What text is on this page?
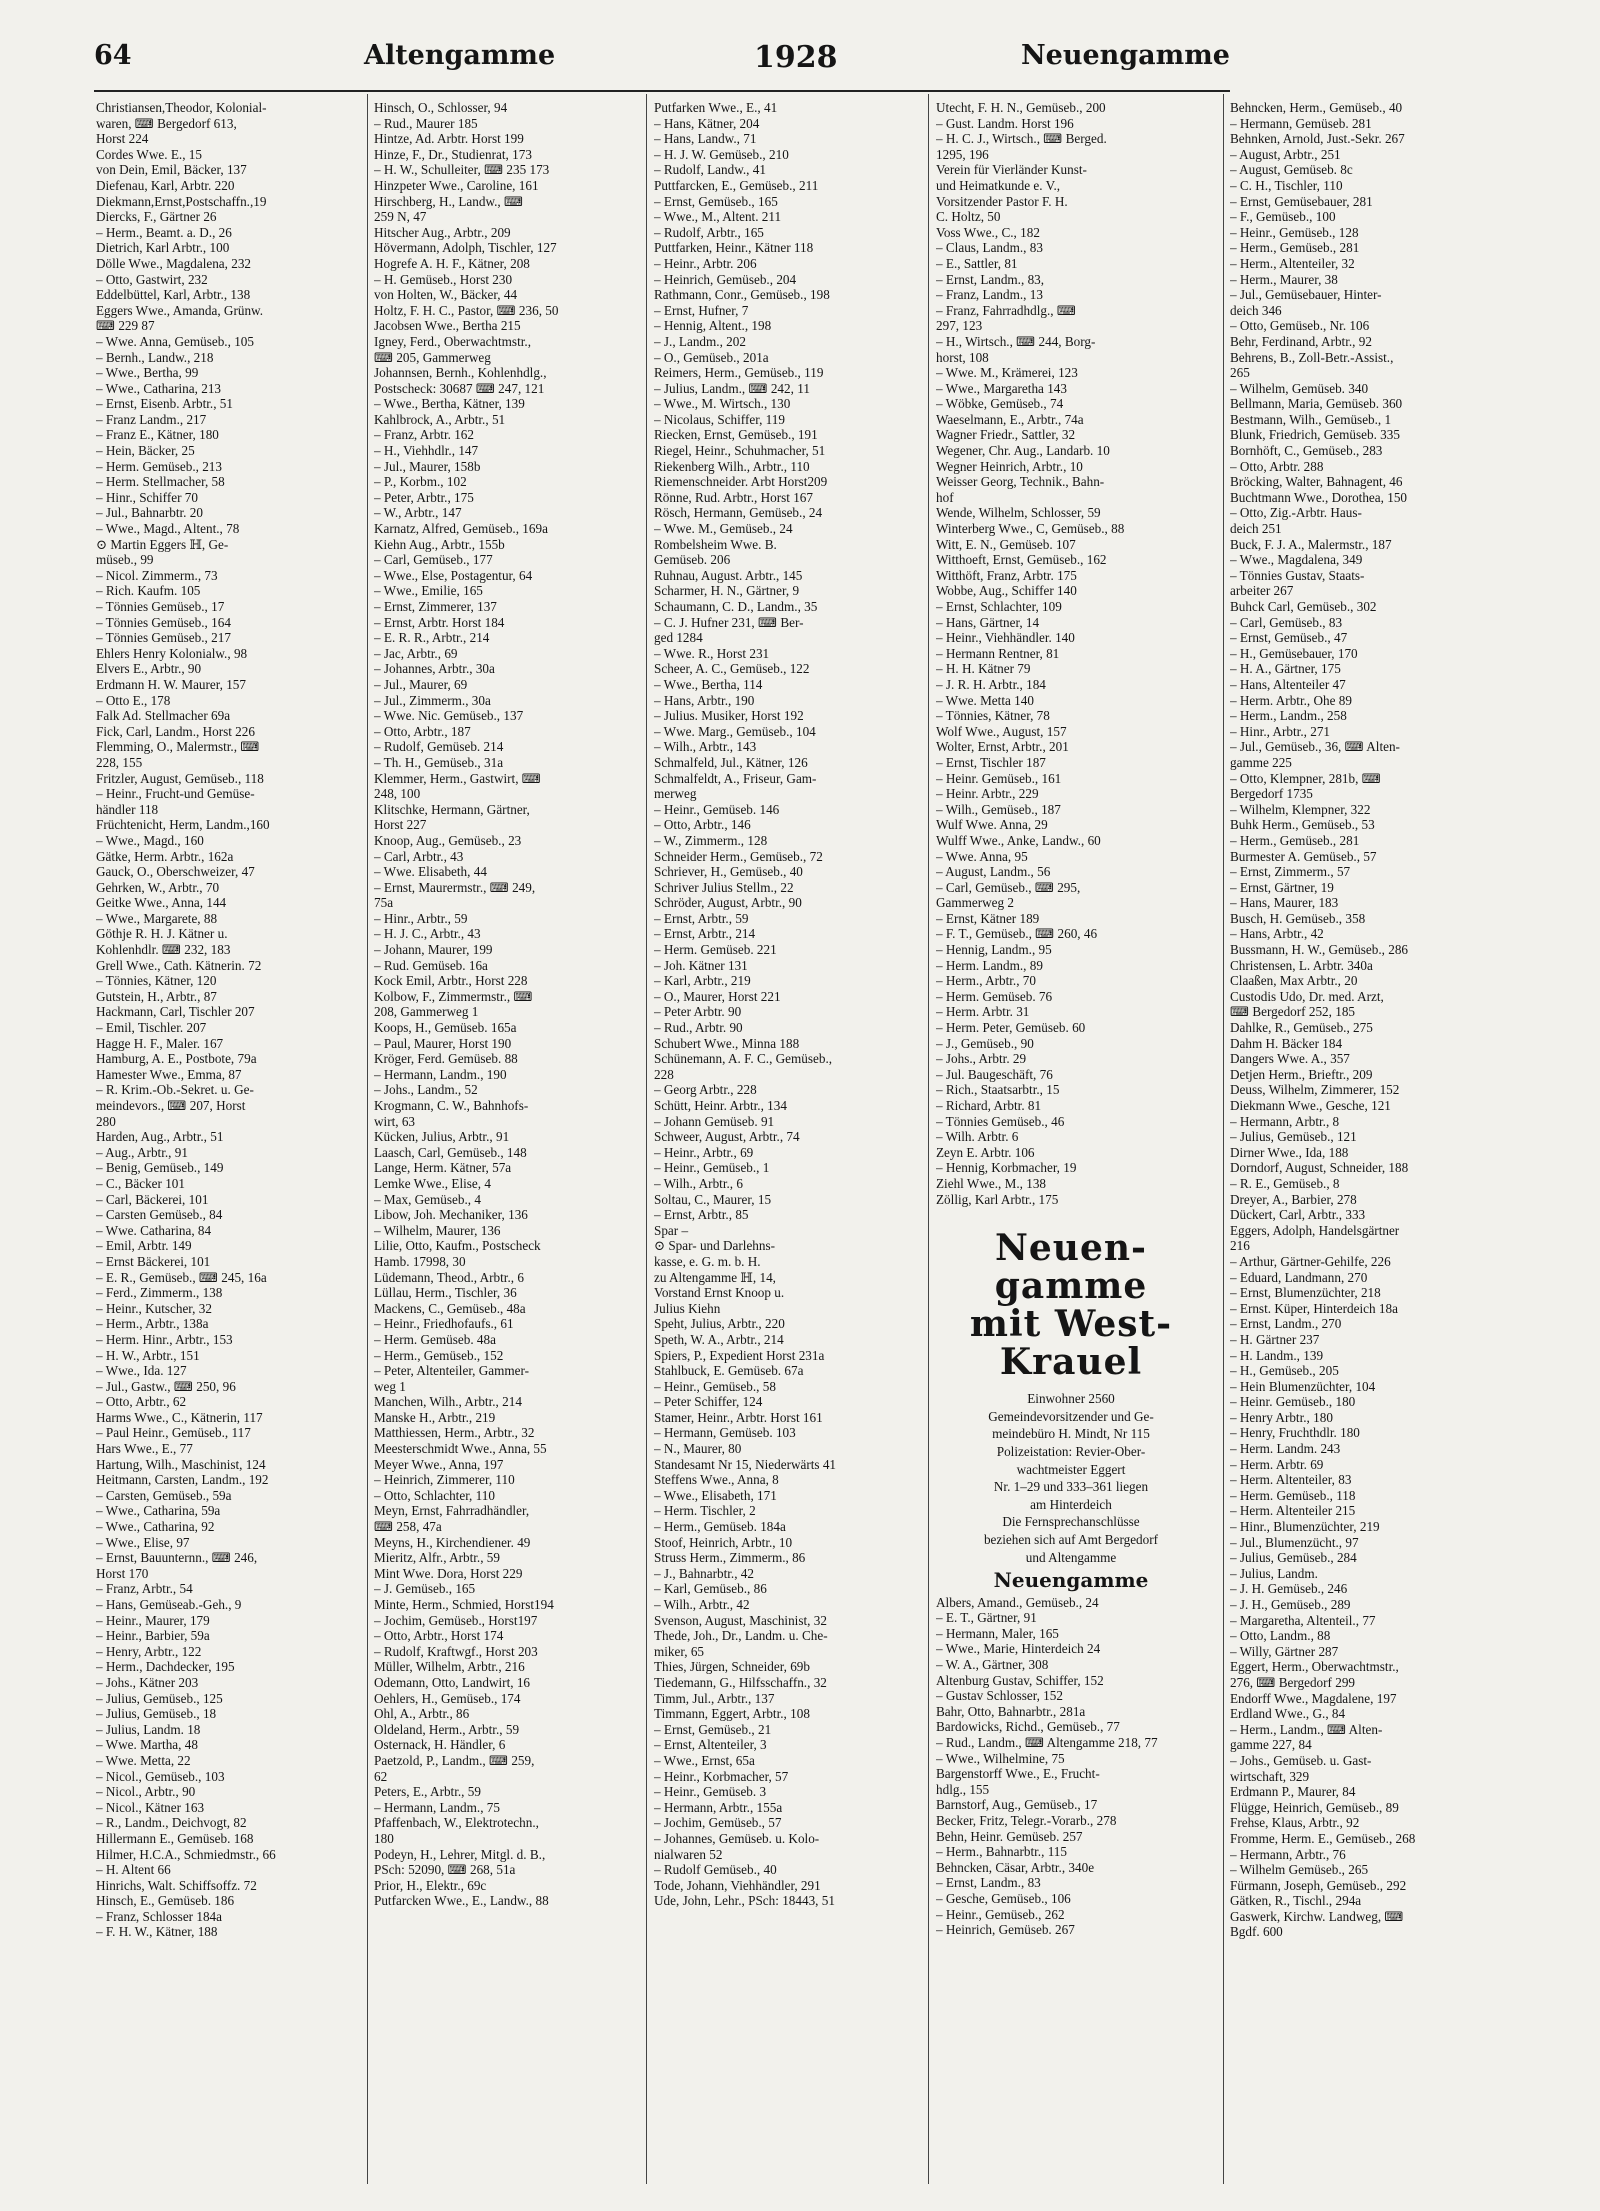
64	Altengamme	1928	Neuengamme
Christiansen,Theodor, Kolonial-
waren, ⌨ Bergedorf 613,
Horst 224
Cordes Wwe. E., 15
von Dein, Emil, Bäcker, 137
Diefenau, Karl, Arbtr. 220
Diekmann,Ernst,Postschaffn.,19
Diercks, F., Gärtner 26
– Herm., Beamt. a. D., 26
Dietrich, Karl Arbtr., 100
Dölle Wwe., Magdalena, 232
– Otto, Gastwirt, 232
Eddelbüttel, Karl, Arbtr., 138
Eggers Wwe., Amanda, Grünw.
⌨ 229 87
– Wwe. Anna, Gemüseb., 105
– Bernh., Landw., 218
– Wwe., Bertha, 99
– Wwe., Catharina, 213
– Ernst, Eisenb. Arbtr., 51
– Franz Landm., 217
– Franz E., Kätner, 180
– Hein, Bäcker, 25
– Herm. Gemüseb., 213
– Herm. Stellmacher, 58
– Hinr., Schiffer 70
– Jul., Bahnarbtr. 20
– Wwe., Magd., Altent., 78
⊙ Martin Eggers ℍ, Ge-
müseb., 99
– Nicol. Zimmerm., 73
– Rich. Kaufm. 105
– Tönnies Gemüseb., 17
– Tönnies Gemüseb., 164
– Tönnies Gemüseb., 217
Ehlers Henry Kolonialw., 98
Elvers E., Arbtr., 90
Erdmann H. W. Maurer, 157
– Otto E., 178
Falk Ad. Stellmacher 69a
Fick, Carl, Landm., Horst 226
Flemming, O., Malermstr., ⌨
228, 155
Fritzler, August, Gemüseb., 118
– Heinr., Frucht-und Gemüse-
händler 118
Früchtenicht, Herm, Landm.,160
– Wwe., Magd., 160
Gätke, Herm. Arbtr., 162a
Gauck, O., Oberschweizer, 47
Gehrken, W., Arbtr., 70
Geitke Wwe., Anna, 144
– Wwe., Margarete, 88
Göthje R. H. J. Kätner u.
Kohlenhdlr. ⌨ 232, 183
Grell Wwe., Cath. Kätnerin. 72
– Tönnies, Kätner, 120
Gutstein, H., Arbtr., 87
Hackmann, Carl, Tischler 207
– Emil, Tischler. 207
Hagge H. F., Maler. 167
Hamburg, A. E., Postbote, 79a
Hamester Wwe., Emma, 87
– R. Krim.-Ob.-Sekret. u. Ge-
meindevors., ⌨ 207, Horst
280
Harden, Aug., Arbtr., 51
– Aug., Arbtr., 91
– Benig, Gemüseb., 149
– C., Bäcker 101
– Carl, Bäckerei, 101
– Carsten Gemüseb., 84
– Wwe. Catharina, 84
– Emil, Arbtr. 149
– Ernst Bäckerei, 101
– E. R., Gemüseb., ⌨ 245, 16a
– Ferd., Zimmerm., 138
– Heinr., Kutscher, 32
– Herm., Arbtr., 138a
– Herm. Hinr., Arbtr., 153
– H. W., Arbtr., 151
– Wwe., Ida. 127
– Jul., Gastw., ⌨ 250, 96
– Otto, Arbtr., 62
Harms Wwe., C., Kätnerin, 117
– Paul Heinr., Gemüseb., 117
Hars Wwe., E., 77
Hartung, Wilh., Maschinist, 124
Heitmann, Carsten, Landm., 192
– Carsten, Gemüseb., 59a
– Wwe., Catharina, 59a
– Wwe., Catharina, 92
– Wwe., Elise, 97
– Ernst, Bauunternn., ⌨ 246,
Horst 170
– Franz, Arbtr., 54
– Hans, Gemüseab.-Geh., 9
– Heinr., Maurer, 179
– Heinr., Barbier, 59a
– Henry, Arbtr., 122
– Herm., Dachdecker, 195
– Johs., Kätner 203
– Julius, Gemüseb., 125
– Julius, Gemüseb., 18
– Julius, Landm. 18
– Wwe. Martha, 48
– Wwe. Metta, 22
– Nicol., Gemüseb., 103
– Nicol., Arbtr., 90
– Nicol., Kätner 163
– R., Landm., Deichvogt, 82
Hillermann E., Gemüseb. 168
Hilmer, H.C.A., Schmiedmstr., 66
– H. Altent 66
Hinrichs, Walt. Schiffsoffz. 72
Hinsch, E., Gemüseb. 186
– Franz, Schlosser 184a
– F. H. W., Kätner, 188
Hinsch, O., Schlosser, 94
– Rud., Maurer 185
Hintze, Ad. Arbtr. Horst 199
Hinze, F., Dr., Studienrat, 173
– H. W., Schulleiter, ⌨ 235 173
Hinzpeter Wwe., Caroline, 161
Hirschberg, H., Landw., ⌨
259 N, 47
Hitscher Aug., Arbtr., 209
Hövermann, Adolph, Tischler, 127
Hogrefe A. H. F., Kätner, 208
– H. Gemüseb., Horst 230
von Holten, W., Bäcker, 44
Holtz, F. H. C., Pastor, ⌨ 236, 50
Jacobsen Wwe., Bertha 215
Igney, Ferd., Oberwachtmstr.,
⌨ 205, Gammerweg
Johannsen, Bernh., Kohlenhdlg.,
Postscheck: 30687 ⌨ 247, 121
– Wwe., Bertha, Kätner, 139
Kahlbrock, A., Arbtr., 51
– Franz, Arbtr. 162
– H., Viehhdlr., 147
– Jul., Maurer, 158b
– P., Korbm., 102
– Peter, Arbtr., 175
– W., Arbtr., 147
Karnatz, Alfred, Gemüseb., 169a
Kiehn Aug., Arbtr., 155b
– Carl, Gemüseb., 177
– Wwe., Else, Postagentur, 64
– Wwe., Emilie, 165
– Ernst, Zimmerer, 137
– Ernst, Arbtr. Horst 184
– E. R. R., Arbtr., 214
– Jac, Arbtr., 69
– Johannes, Arbtr., 30a
– Jul., Maurer, 69
– Jul., Zimmerm., 30a
– Wwe. Nic. Gemüseb., 137
– Otto, Arbtr., 187
– Rudolf, Gemüseb. 214
– Th. H., Gemüseb., 31a
Klemmer, Herm., Gastwirt, ⌨
248, 100
Klitschke, Hermann, Gärtner,
Horst 227
Knoop, Aug., Gemüseb., 23
– Carl, Arbtr., 43
– Wwe. Elisabeth, 44
– Ernst, Maurermstr., ⌨ 249,
75a
– Hinr., Arbtr., 59
– H. J. C., Arbtr., 43
– Johann, Maurer, 199
– Rud. Gemüseb. 16a
Kock Emil, Arbtr., Horst 228
Kolbow, F., Zimmermstr., ⌨
208, Gammerweg 1
Koops, H., Gemüseb. 165a
– Paul, Maurer, Horst 190
Kröger, Ferd. Gemüseb. 88
– Hermann, Landm., 190
– Johs., Landm., 52
Krogmann, C. W., Bahnhofs-
wirt, 63
Kücken, Julius, Arbtr., 91
Laasch, Carl, Gemüseb., 148
Lange, Herm. Kätner, 57a
Lemke Wwe., Elise, 4
– Max, Gemüseb., 4
Libow, Joh. Mechaniker, 136
– Wilhelm, Maurer, 136
Lilie, Otto, Kaufm., Postscheck
Hamb. 17998, 30
Lüdemann, Theod., Arbtr., 6
Lüllau, Herm., Tischler, 36
Mackens, C., Gemüseb., 48a
– Heinr., Friedhofaufs., 61
– Herm. Gemüseb. 48a
– Herm., Gemüseb., 152
– Peter, Altenteiler, Gammer-
weg 1
Manchen, Wilh., Arbtr., 214
Manske H., Arbtr., 219
Matthiessen, Herm., Arbtr., 32
Meesterschmidt Wwe., Anna, 55
Meyer Wwe., Anna, 197
– Heinrich, Zimmerer, 110
– Otto, Schlachter, 110
Meyn, Ernst, Fahrradhändler,
⌨ 258, 47a
Meyns, H., Kirchendiener. 49
Mieritz, Alfr., Arbtr., 59
Mint Wwe. Dora, Horst 229
– J. Gemüseb., 165
Minte, Herm., Schmied, Horst194
– Jochim, Gemüseb., Horst197
– Otto, Arbtr., Horst 174
– Rudolf, Kraftwgf., Horst 203
Müller, Wilhelm, Arbtr., 216
Odemann, Otto, Landwirt, 16
Oehlers, H., Gemüseb., 174
Ohl, A., Arbtr., 86
Oldeland, Herm., Arbtr., 59
Osternack, H. Händler, 6
Paetzold, P., Landm., ⌨ 259,
62
Peters, E., Arbtr., 59
– Hermann, Landm., 75
Pfaffenbach, W., Elektrotechn.,
180
Podeyn, H., Lehrer, Mitgl. d. B.,
PSch: 52090, ⌨ 268, 51a
Prior, H., Elektr., 69c
Putfarcken Wwe., E., Landw., 88
Putfarken Wwe., E., 41
– Hans, Kätner, 204
– Hans, Landw., 71
– H. J. W. Gemüseb., 210
– Rudolf, Landw., 41
Puttfarcken, E., Gemüseb., 211
– Ernst, Gemüseb., 165
– Wwe., M., Altent. 211
– Rudolf, Arbtr., 165
Puttfarken, Heinr., Kätner 118
– Heinr., Arbtr. 206
– Heinrich, Gemüseb., 204
Rathmann, Conr., Gemüseb., 198
– Ernst, Hufner, 7
– Hennig, Altent., 198
– J., Landm., 202
– O., Gemüseb., 201a
Reimers, Herm., Gemüseb., 119
– Julius, Landm., ⌨ 242, 11
– Wwe., M. Wirtsch., 130
– Nicolaus, Schiffer, 119
Riecken, Ernst, Gemüseb., 191
Riegel, Heinr., Schuhmacher, 51
Riekenberg Wilh., Arbtr., 110
Riemenschneider. Arbt Horst209
Rönne, Rud. Arbtr., Horst 167
Rösch, Hermann, Gemüseb., 24
– Wwe. M., Gemüseb., 24
Rombelsheim Wwe. B.
Gemüseb. 206
Ruhnau, August. Arbtr., 145
Scharmer, H. N., Gärtner, 9
Schaumann, C. D., Landm., 35
– C. J. Hufner 231, ⌨ Ber-
ged 1284
– Wwe. R., Horst 231
Scheer, A. C., Gemüseb., 122
– Wwe., Bertha, 114
– Hans, Arbtr., 190
– Julius. Musiker, Horst 192
– Wwe. Marg., Gemüseb., 104
– Wilh., Arbtr., 143
Schmalfeld, Jul., Kätner, 126
Schmalfeldt, A., Friseur, Gam-
merweg
– Heinr., Gemüseb. 146
– Otto, Arbtr., 146
– W., Zimmerm., 128
Schneider Herm., Gemüseb., 72
Schriever, H., Gemüseb., 40
Schriver Julius Stellm., 22
Schröder, August, Arbtr., 90
– Ernst, Arbtr., 59
– Ernst, Arbtr., 214
– Herm. Gemüseb. 221
– Joh. Kätner 131
– Karl, Arbtr., 219
– O., Maurer, Horst 221
– Peter Arbtr. 90
– Rud., Arbtr. 90
Schubert Wwe., Minna 188
Schünemann, A. F. C., Gemüseb.,
228
– Georg Arbtr., 228
Schütt, Heinr. Arbtr., 134
– Johann Gemüseb. 91
Schweer, August, Arbtr., 74
– Heinr., Arbtr., 69
– Heinr., Gemüseb., 1
– Wilh., Arbtr., 6
Soltau, C., Maurer, 15
– Ernst, Arbtr., 85
Spar –
⊙ Spar- und Darlehns-
kasse, e. G. m. b. H.
zu Altengamme ℍ, 14,
Vorstand Ernst Knoop u.
Julius Kiehn
Speht, Julius, Arbtr., 220
Speth, W. A., Arbtr., 214
Spiers, P., Expedient Horst 231a
Stahlbuck, E. Gemüseb. 67a
– Heinr., Gemüseb., 58
– Peter Schiffer, 124
Stamer, Heinr., Arbtr. Horst 161
– Hermann, Gemüseb. 103
– N., Maurer, 80
Standesamt Nr 15, Niederwärts 41
Steffens Wwe., Anna, 8
– Wwe., Elisabeth, 171
– Herm. Tischler, 2
– Herm., Gemüseb. 184a
Stoof, Heinrich, Arbtr., 10
Struss Herm., Zimmerm., 86
– J., Bahnarbtr., 42
– Karl, Gemüseb., 86
– Wilh., Arbtr., 42
Svenson, August, Maschinist, 32
Thede, Joh., Dr., Landm. u. Che-
miker, 65
Thies, Jürgen, Schneider, 69b
Tiedemann, G., Hilfsschaffn., 32
Timm, Jul., Arbtr., 137
Timmann, Eggert, Arbtr., 108
– Ernst, Gemüseb., 21
– Ernst, Altenteiler, 3
– Wwe., Ernst, 65a
– Heinr., Korbmacher, 57
– Heinr., Gemüseb. 3
– Hermann, Arbtr., 155a
– Jochim, Gemüseb., 57
– Johannes, Gemüseb. u. Kolo-
nialwaren 52
– Rudolf Gemüseb., 40
Tode, Johann, Viehhändler, 291
Ude, John, Lehr., PSch: 18443, 51
Utecht, F. H. N., Gemüseb., 200
– Gust. Landm. Horst 196
– H. C. J., Wirtsch., ⌨ Berged.
1295, 196
Verein für Vierländer Kunst-
und Heimatkunde e. V.,
Vorsitzender Pastor F. H.
C. Holtz, 50
Voss Wwe., C., 182
– Claus, Landm., 83
– E., Sattler, 81
– Ernst, Landm., 83,
– Franz, Landm., 13
– Franz, Fahrradhdlg., ⌨
297, 123
– H., Wirtsch., ⌨ 244, Borg-
horst, 108
– Wwe. M., Krämerei, 123
– Wwe., Margaretha 143
– Wöbke, Gemüseb., 74
Waeselmann, E., Arbtr., 74a
Wagner Friedr., Sattler, 32
Wegener, Chr. Aug., Landarb. 10
Wegner Heinrich, Arbtr., 10
Weisser Georg, Technik., Bahn-
hof
Wende, Wilhelm, Schlosser, 59
Winterberg Wwe., C, Gemüseb., 88
Witt, E. N., Gemüseb. 107
Witthoeft, Ernst, Gemüseb., 162
Witthöft, Franz, Arbtr. 175
Wobbe, Aug., Schiffer 140
– Ernst, Schlachter, 109
– Hans, Gärtner, 14
– Heinr., Viehhändler. 140
– Hermann Rentner, 81
– H. H. Kätner 79
– J. R. H. Arbtr., 184
– Wwe. Metta 140
– Tönnies, Kätner, 78
Wolf Wwe., August, 157
Wolter, Ernst, Arbtr., 201
– Ernst, Tischler 187
– Heinr. Gemüseb., 161
– Heinr. Arbtr., 229
– Wilh., Gemüseb., 187
Wulf Wwe. Anna, 29
Wulff Wwe., Anke, Landw., 60
– Wwe. Anna, 95
– August, Landm., 56
– Carl, Gemüseb., ⌨ 295,
Gammerweg 2
– Ernst, Kätner 189
– F. T., Gemüseb., ⌨ 260, 46
– Hennig, Landm., 95
– Herm. Landm., 89
– Herm., Arbtr., 70
– Herm. Gemüseb. 76
– Herm. Arbtr. 31
– Herm. Peter, Gemüseb. 60
– J., Gemüseb., 90
– Johs., Arbtr. 29
– Jul. Baugeschäft, 76
– Rich., Staatsarbtr., 15
– Richard, Arbtr. 81
– Tönnies Gemüseb., 46
– Wilh. Arbtr. 6
Zeyn E. Arbtr. 106
– Hennig, Korbmacher, 19
Ziehl Wwe., M., 138
Zöllig, Karl Arbtr., 175
Neuen-
gamme
mit West-
Krauel
Einwohner 2560
Gemeindevorsitzender und Ge-
meindebüro H. Mindt, Nr 115
Polizeistation: Revier-Ober-
wachtmeister Eggert
Nr. 1–29 und 333–361 liegen
am Hinterdeich
Die Fernsprechanschlüsse
beziehen sich auf Amt Bergedorf
und Altengamme
Neuengamme
Albers, Amand., Gemüseb., 24
– E. T., Gärtner, 91
– Hermann, Maler, 165
– Wwe., Marie, Hinterdeich 24
– W. A., Gärtner, 308
Altenburg Gustav, Schiffer, 152
– Gustav Schlosser, 152
Bahr, Otto, Bahnarbtr., 281a
Bardowicks, Richd., Gemüseb., 77
– Rud., Landm., ⌨ Altengamme 218, 77
– Wwe., Wilhelmine, 75
Bargenstorff Wwe., E., Frucht-
hdlg., 155
Barnstorf, Aug., Gemüseb., 17
Becker, Fritz, Telegr.-Vorarb., 278
Behn, Heinr. Gemüseb. 257
– Herm., Bahnarbtr., 115
Behncken, Cäsar, Arbtr., 340e
– Ernst, Landm., 83
– Gesche, Gemüseb., 106
– Heinr., Gemüseb., 262
– Heinrich, Gemüseb. 267
Behncken, Herm., Gemüseb., 40
– Hermann, Gemüseb. 281
Behnken, Arnold, Just.-Sekr. 267
– August, Arbtr., 251
– August, Gemüseb. 8c
– C. H., Tischler, 110
– Ernst, Gemüsebauer, 281
– F., Gemüseb., 100
– Heinr., Gemüseb., 128
– Herm., Gemüseb., 281
– Herm., Altenteiler, 32
– Herm., Maurer, 38
– Jul., Gemüsebauer, Hinter-
deich 346
– Otto, Gemüseb., Nr. 106
Behr, Ferdinand, Arbtr., 92
Behrens, B., Zoll-Betr.-Assist.,
265
– Wilhelm, Gemüseb. 340
Bellmann, Maria, Gemüseb. 360
Bestmann, Wilh., Gemüseb., 1
Blunk, Friedrich, Gemüseb. 335
Bornhöft, C., Gemüseb., 283
– Otto, Arbtr. 288
Bröcking, Walter, Bahnagent, 46
Buchtmann Wwe., Dorothea, 150
– Otto, Zig.-Arbtr. Haus-
deich 251
Buck, F. J. A., Malermstr., 187
– Wwe., Magdalena, 349
– Tönnies Gustav, Staats-
arbeiter 267
Buhck Carl, Gemüseb., 302
– Carl, Gemüseb., 83
– Ernst, Gemüseb., 47
– H., Gemüsebauer, 170
– H. A., Gärtner, 175
– Hans, Altenteiler 47
– Herm. Arbtr., Ohe 89
– Herm., Landm., 258
– Hinr., Arbtr., 271
– Jul., Gemüseb., 36, ⌨ Alten-
gamme 225
– Otto, Klempner, 281b, ⌨
Bergedorf 1735
– Wilhelm, Klempner, 322
Buhk Herm., Gemüseb., 53
– Herm., Gemüseb., 281
Burmester A. Gemüseb., 57
– Ernst, Zimmerm., 57
– Ernst, Gärtner, 19
– Hans, Maurer, 183
Busch, H. Gemüseb., 358
– Hans, Arbtr., 42
Bussmann, H. W., Gemüseb., 286
Christensen, L. Arbtr. 340a
Claaßen, Max Arbtr., 20
Custodis Udo, Dr. med. Arzt,
⌨ Bergedorf 252, 185
Dahlke, R., Gemüseb., 275
Dahm H. Bäcker 184
Dangers Wwe. A., 357
Detjen Herm., Brieftr., 209
Deuss, Wilhelm, Zimmerer, 152
Diekmann Wwe., Gesche, 121
– Hermann, Arbtr., 8
– Julius, Gemüseb., 121
Dirner Wwe., Ida, 188
Dorndorf, August, Schneider, 188
– R. E., Gemüseb., 8
Dreyer, A., Barbier, 278
Dückert, Carl, Arbtr., 333
Eggers, Adolph, Handelsgärtner
216
– Arthur, Gärtner-Gehilfe, 226
– Eduard, Landmann, 270
– Ernst, Blumenzüchter, 218
– Ernst. Küper, Hinterdeich 18a
– Ernst, Landm., 270
– H. Gärtner 237
– H. Landm., 139
– H., Gemüseb., 205
– Hein Blumenzüchter, 104
– Heinr. Gemüseb., 180
– Henry Arbtr., 180
– Henry, Fruchthdlr. 180
– Herm. Landm. 243
– Herm. Arbtr. 69
– Herm. Altenteiler, 83
– Herm. Gemüseb., 118
– Herm. Altenteiler 215
– Hinr., Blumenzüchter, 219
– Jul., Blumenzücht., 97
– Julius, Gemüseb., 284
– Julius, Landm.
– J. H. Gemüseb., 246
– J. H., Gemüseb., 289
– Margaretha, Altenteil., 77
– Otto, Landm., 88
– Willy, Gärtner 287
Eggert, Herm., Oberwachtmstr.,
276, ⌨ Bergedorf 299
Endorff Wwe., Magdalene, 197
Erdland Wwe., G., 84
– Herm., Landm., ⌨ Alten-
gamme 227, 84
– Johs., Gemüseb. u. Gast-
wirtschaft, 329
Erdmann P., Maurer, 84
Flügge, Heinrich, Gemüseb., 89
Frehse, Klaus, Arbtr., 92
Fromme, Herm. E., Gemüseb., 268
– Hermann, Arbtr., 76
– Wilhelm Gemüseb., 265
Fürmann, Joseph, Gemüseb., 292
Gätken, R., Tischl., 294a
Gaswerk, Kirchw. Landweg, ⌨
Bgdf. 600
